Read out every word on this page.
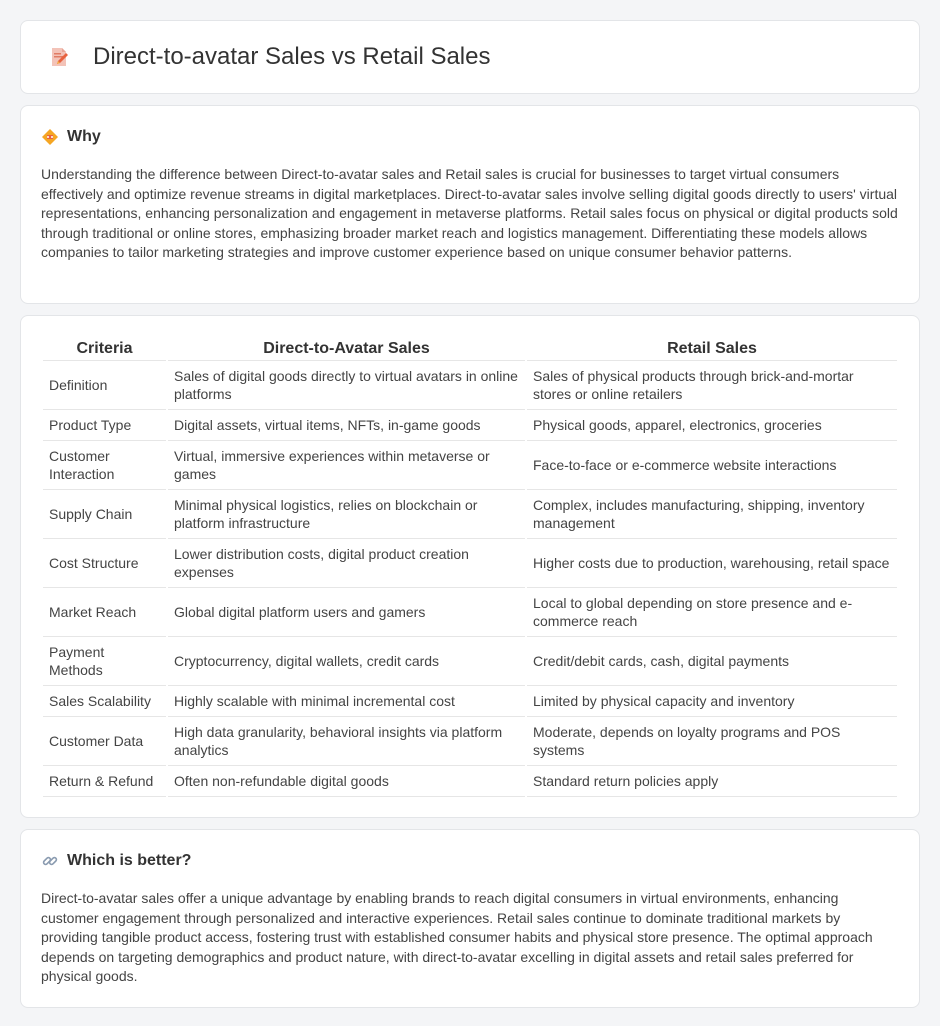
Direct-to-avatar Sales vs Retail Sales
Why

Understanding the difference between Direct-to-avatar sales and Retail sales is crucial for businesses to target virtual consumers effectively and optimize revenue streams in digital marketplaces. Direct-to-avatar sales involve selling digital goods directly to users' virtual representations, enhancing personalization and engagement in metaverse platforms. Retail sales focus on physical or digital products sold through traditional or online stores, emphasizing broader market reach and logistics management. Differentiating these models allows companies to tailor marketing strategies and improve customer experience based on unique consumer behavior patterns.

Criteria	Direct-to-Avatar Sales	Retail Sales
Definition	Sales of digital goods directly to virtual avatars in online platforms	Sales of physical products through brick-and-mortar stores or online retailers
Product Type	Digital assets, virtual items, NFTs, in-game goods	Physical goods, apparel, electronics, groceries
Customer Interaction	Virtual, immersive experiences within metaverse or games	Face-to-face or e-commerce website interactions
Supply Chain	Minimal physical logistics, relies on blockchain or platform infrastructure	Complex, includes manufacturing, shipping, inventory management
Cost Structure	Lower distribution costs, digital product creation expenses	Higher costs due to production, warehousing, retail space
Market Reach	Global digital platform users and gamers	Local to global depending on store presence and e-commerce reach
Payment Methods	Cryptocurrency, digital wallets, credit cards	Credit/debit cards, cash, digital payments
Sales Scalability	Highly scalable with minimal incremental cost	Limited by physical capacity and inventory
Customer Data	High data granularity, behavioral insights via platform analytics	Moderate, depends on loyalty programs and POS systems
Return & Refund	Often non-refundable digital goods	Standard return policies apply
Which is better?

Direct-to-avatar sales offer a unique advantage by enabling brands to reach digital consumers in virtual environments, enhancing customer engagement through personalized and interactive experiences. Retail sales continue to dominate traditional markets by providing tangible product access, fostering trust with established consumer habits and physical store presence. The optimal approach depends on targeting demographics and product nature, with direct-to-avatar excelling in digital assets and retail sales preferred for physical goods.
